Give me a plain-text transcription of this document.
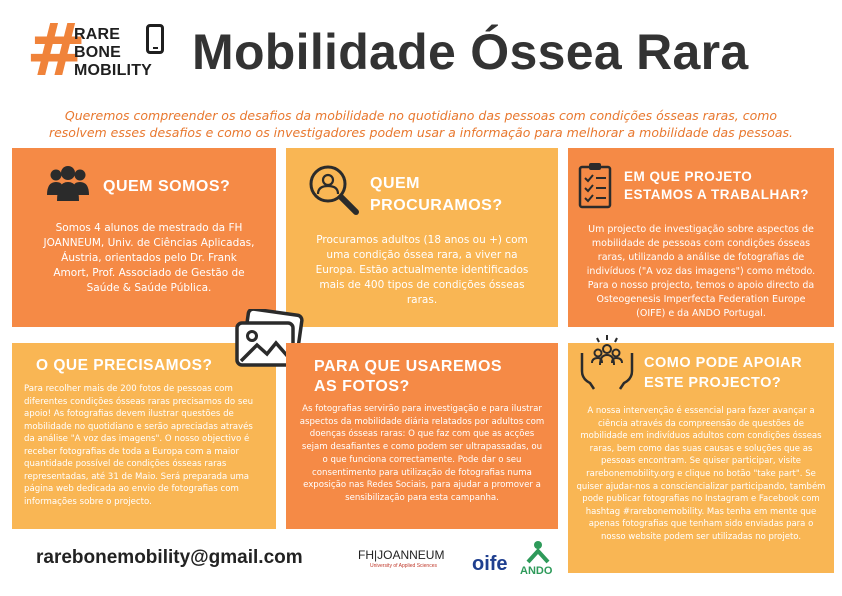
#
RARE
BONE
MOBILITY Mobilidade Óssea Rara
Queremos compreender os desafios da mobilidade no quotidiano das pessoas com condições ósseas raras, como resolvem esses desafios e como os investigadores podem usar a informação para melhorar a mobilidade das pessoas.
QUEM SOMOS?
Somos 4 alunos de mestrado da FH JOANNEUM, Univ. de Ciências Aplicadas, Áustria, orientados pelo Dr. Frank Amort, Prof. Associado de Gestão de Saúde & Saúde Pública.
QUEM PROCURAMOS?
Procuramos adultos (18 anos ou +) com uma condição óssea rara, a viver na Europa. Estão actualmente identificados mais de 400 tipos de condições ósseas raras.
EM QUE PROJETO ESTAMOS A TRABALHAR?
Um projecto de investigação sobre aspectos de mobilidade de pessoas com condições ósseas raras, utilizando a análise de fotografias de indivíduos ("A voz das imagens") como método. Para o nosso projecto, temos o apoio directo da Osteogenesis Imperfecta Federation Europe (OIFE) e da ANDO Portugal.
O QUE PRECISAMOS?
Para recolher mais de 200 fotos de pessoas com diferentes condições ósseas raras precisamos do seu apoio! As fotografias devem ilustrar questões de mobilidade no quotidiano e serão apreciadas através da análise "A voz das imagens". O nosso objectivo é receber fotografias de toda a Europa com a maior quantidade possível de condições ósseas raras representadas, até 31 de Maio. Será preparada uma página web dedicada ao envio de fotografias com informações sobre o projecto.
PARA QUE USAREMOS AS FOTOS?
As fotografias servirão para investigação e para ilustrar aspectos da mobilidade diária relatados por adultos com doenças ósseas raras: O que faz com que as acções sejam desafiantes e como podem ser ultrapassadas, ou o que funciona correctamente. Pode dar o seu consentimento para utilização de fotografias numa exposição nas Redes Sociais, para ajudar a promover a sensibilização para esta campanha.
COMO PODE APOIAR ESTE PROJECTO?
A nossa intervenção é essencial para fazer avançar a ciência através da compreensão de questões de mobilidade em indivíduos adultos com condições ósseas raras, bem como das suas causas e soluções que as pessoas encontram. Se quiser participar, visite rarebonemobility.org e clique no botão "take part". Se quiser ajudar-nos a consciencializar participando, também pode publicar fotografias no Instagram e Facebook com hashtag #rarebonemobility. Mas tenha em mente que apenas fotografias que tenham sido enviadas para o nosso website podem ser utilizadas no projeto.
rarebonemobility@gmail.com	FH|JOANNEUM
University of Applied Sciences oife ANDO
